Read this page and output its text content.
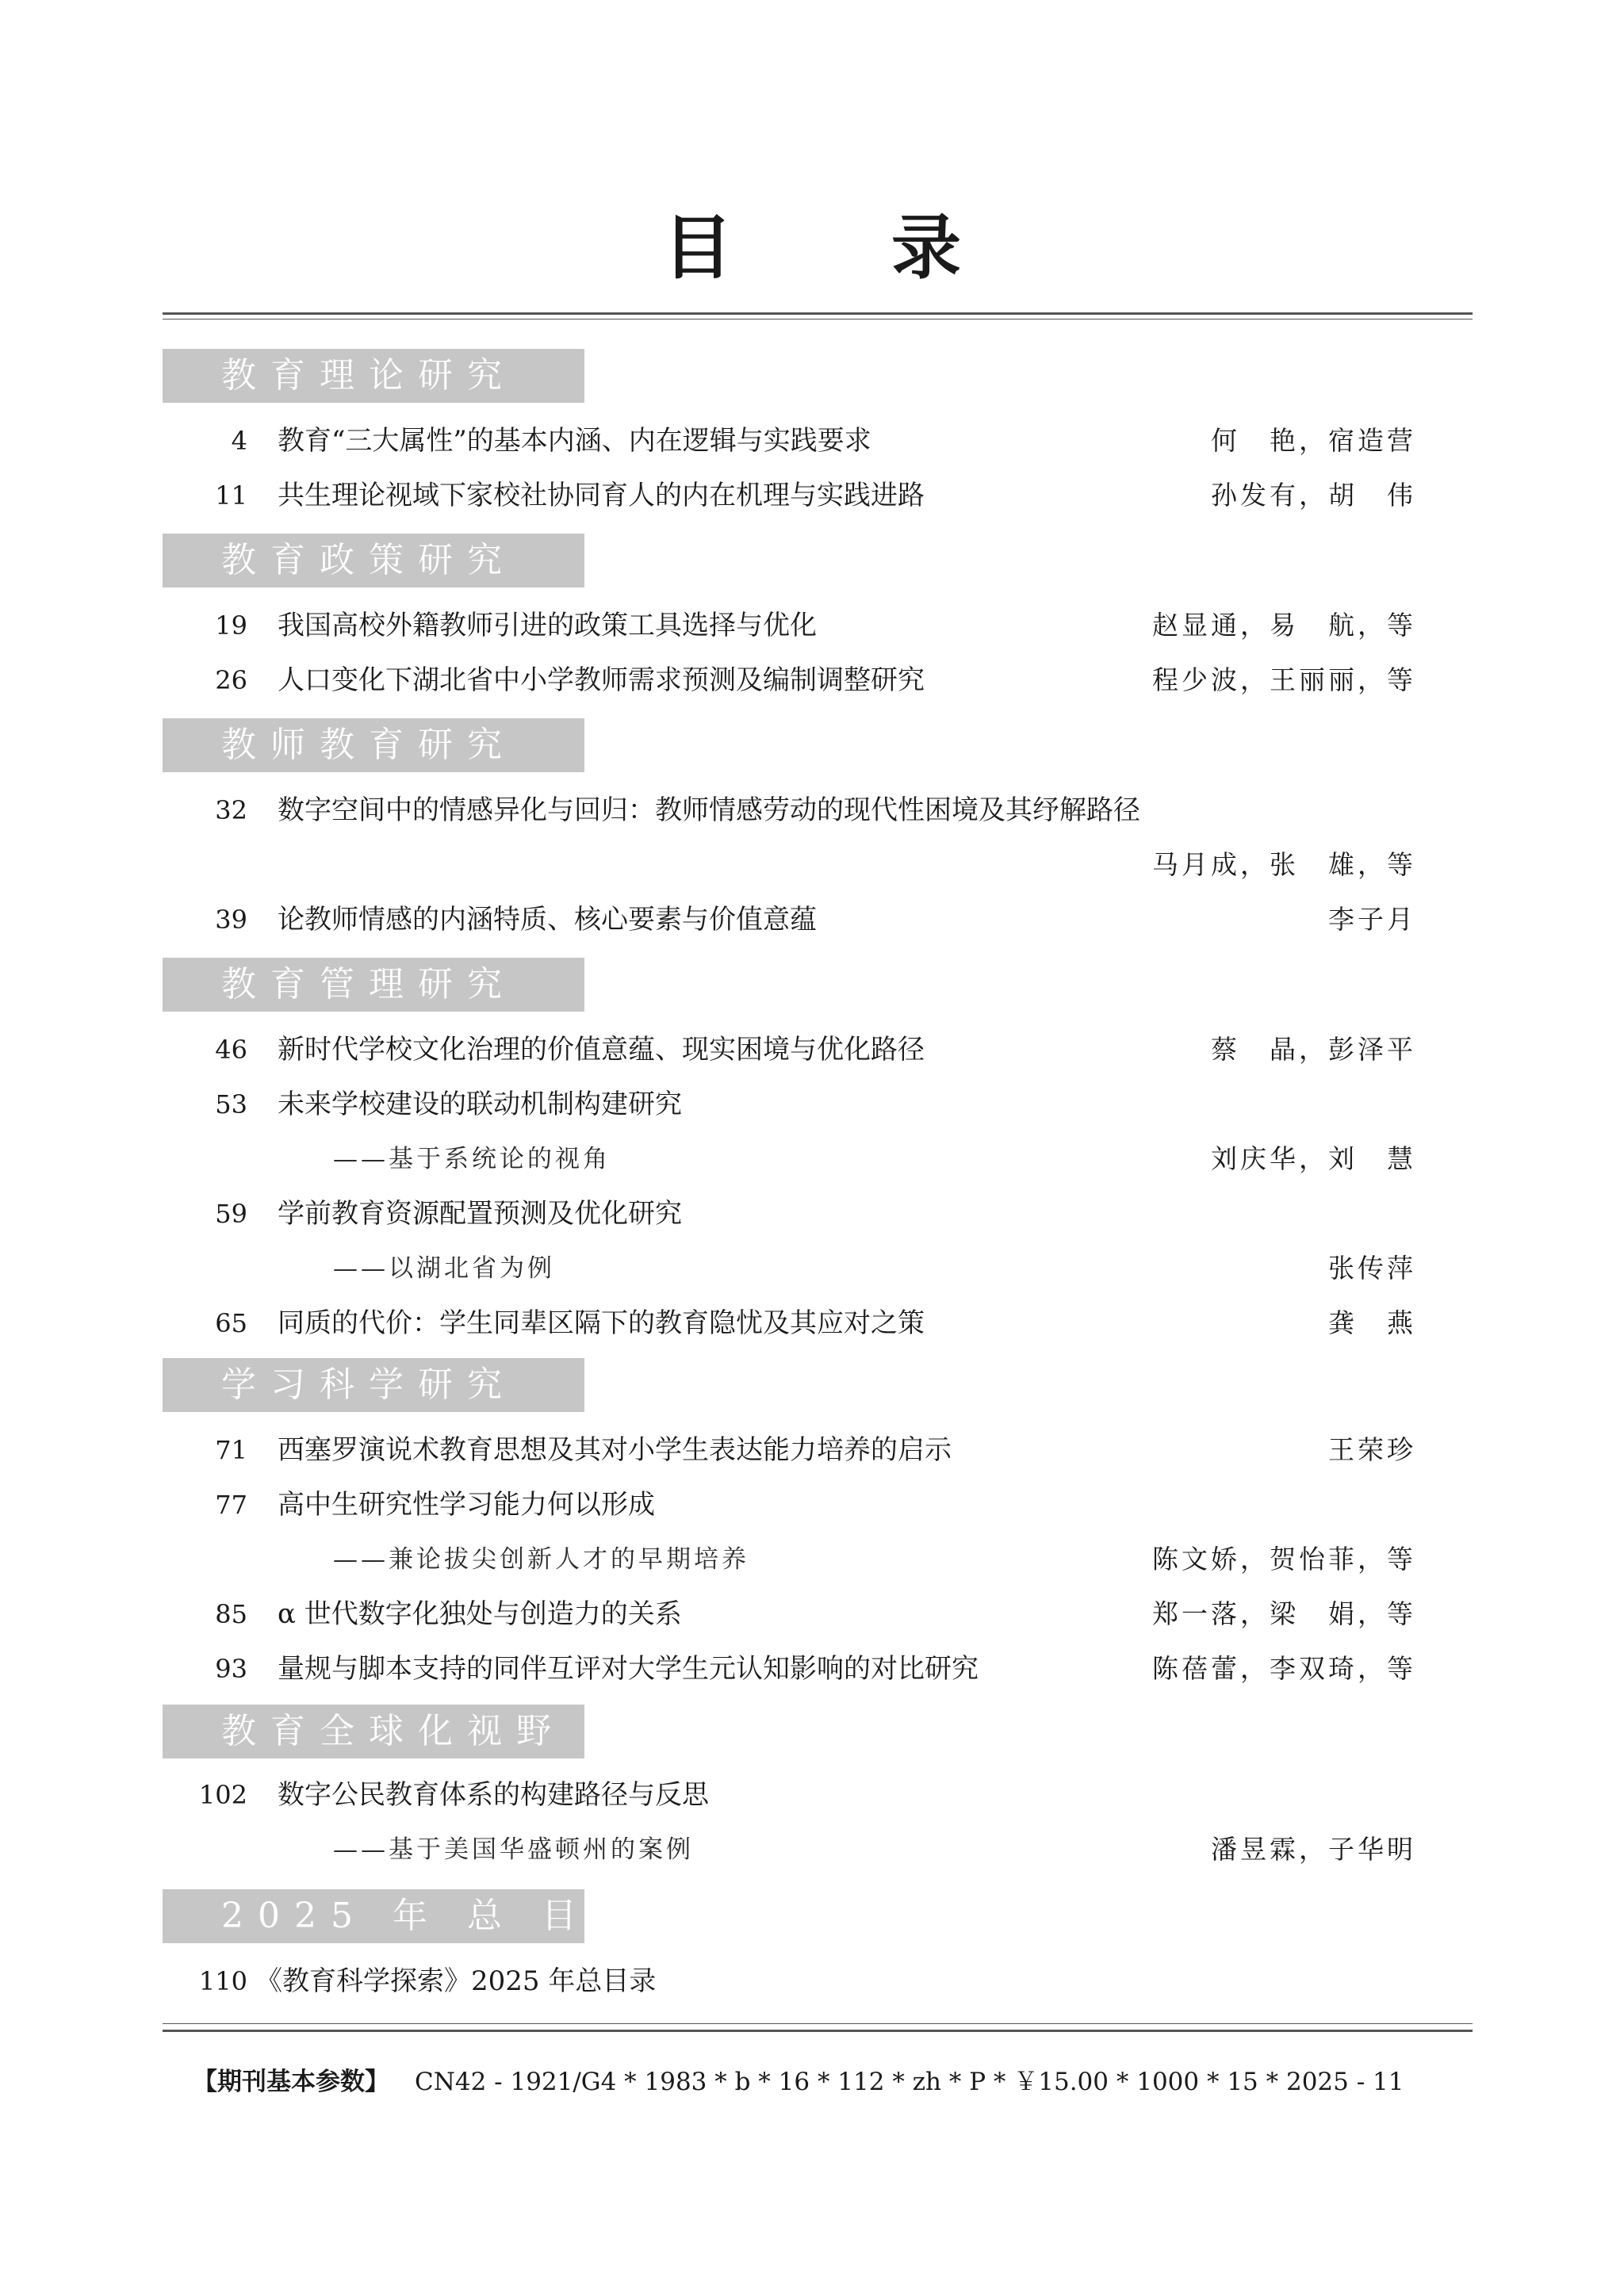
目 录
教育理论研究
4 教育“三大属性”的基本内涵、内在逻辑与实践要求	何　艳，宿造营
11 共生理论视域下家校社协同育人的内在机理与实践进路	孙发有，胡　伟
教育政策研究
19 我国高校外籍教师引进的政策工具选择与优化	赵显通，易　航，等
26 人口变化下湖北省中小学教师需求预测及编制调整研究	程少波，王丽丽，等
教师教育研究
32 数字空间中的情感异化与回归：教师情感劳动的现代性困境及其纾解路径
马月成，张　雄，等
39 论教师情感的内涵特质、核心要素与价值意蕴	李子月
教育管理研究
46 新时代学校文化治理的价值意蕴、现实困境与优化路径	蔡　晶，彭泽平
53 未来学校建设的联动机制构建研究
——基于系统论的视角	刘庆华，刘　慧
59 学前教育资源配置预测及优化研究
——以湖北省为例	张传萍
65 同质的代价：学生同辈区隔下的教育隐忧及其应对之策	龚　燕
学习科学研究
71 西塞罗演说术教育思想及其对小学生表达能力培养的启示	王荣珍
77 高中生研究性学习能力何以形成
——兼论拔尖创新人才的早期培养	陈文娇，贺怡菲，等
85 α 世代数字化独处与创造力的关系	郑一落，梁　娟，等
93 量规与脚本支持的同伴互评对大学生元认知影响的对比研究	陈蓓蕾，李双琦，等
教育全球化视野
102 数字公民教育体系的构建路径与反思
——基于美国华盛顿州的案例	潘昱霖，子华明
2025 年 总 目 录
110 《教育科学探索》2025 年总目录
【期刊基本参数】 CN42 - 1921/G4 * 1983 * b * 16 * 112 * zh * P * ￥15.00 * 1000 * 15 * 2025 - 11
